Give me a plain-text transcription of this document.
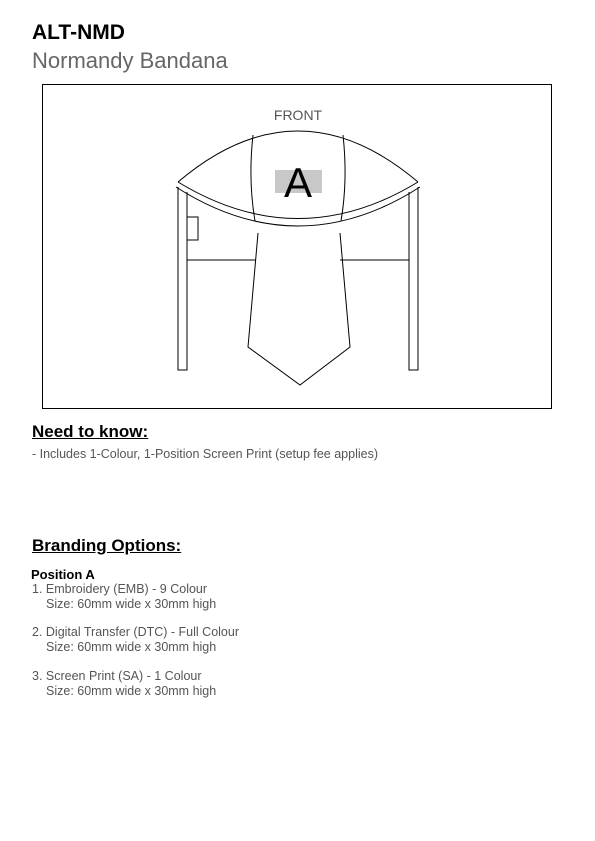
ALT-NMD
Normandy Bandana
FRONT
A
Need to know:
- Includes 1-Colour, 1-Position Screen Print (setup fee applies)
Branding Options:
Position A
1. Embroidery (EMB) - 9 Colour
Size: 60mm wide x 30mm high
2. Digital Transfer (DTC) - Full Colour
Size: 60mm wide x 30mm high
3. Screen Print (SA) - 1 Colour
Size: 60mm wide x 30mm high
